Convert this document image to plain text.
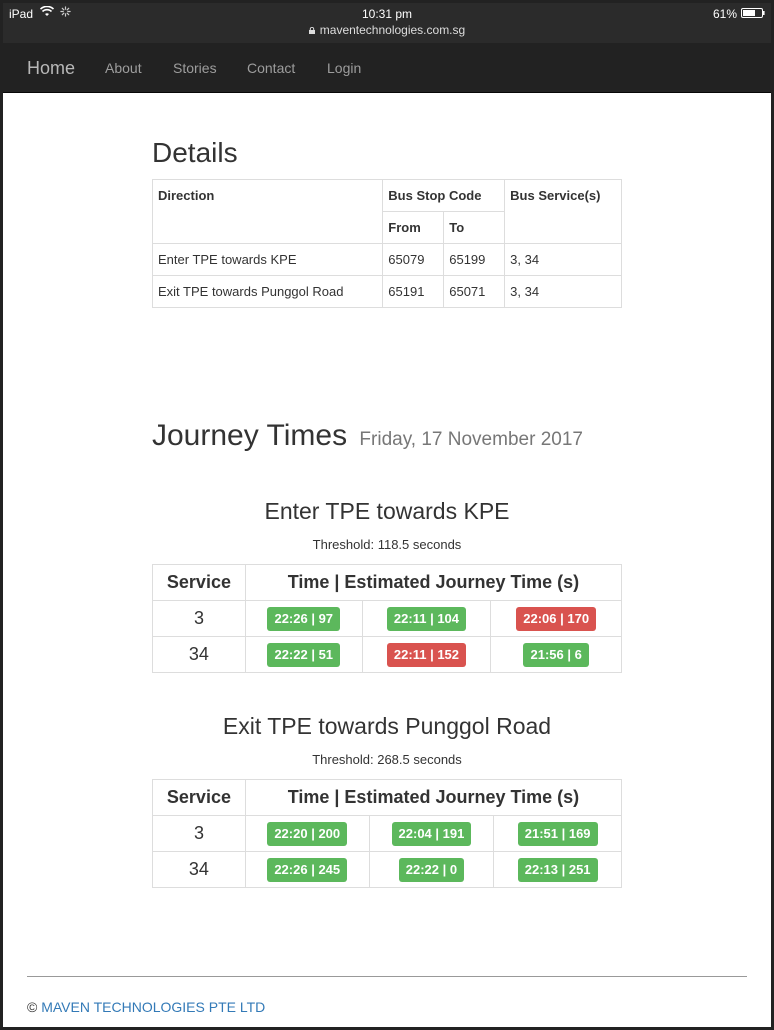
iPad	10:31 pm
maventechnologies.com.sg
61%
Home About Stories Contact Login
Details
Direction	Bus Stop Code		Bus Service(s)
	From	To	
Enter TPE towards KPE	65079	65199	3, 34
Exit TPE towards Punggol Road	65191	65071	3, 34
Journey Times Friday, 17 November 2017
Enter TPE towards KPE
Threshold: 118.5 seconds
Service	Time | Estimated Journey Time (s)		
3	22:26 | 97	22:11 | 104	22:06 | 170
34	22:22 | 51	22:11 | 152	21:56 | 6
Exit TPE towards Punggol Road
Threshold: 268.5 seconds
Service	Time | Estimated Journey Time (s)		
3	22:20 | 200	22:04 | 191	21:51 | 169
34	22:26 | 245	22:22 | 0	22:13 | 251
© MAVEN TECHNOLOGIES PTE LTD
